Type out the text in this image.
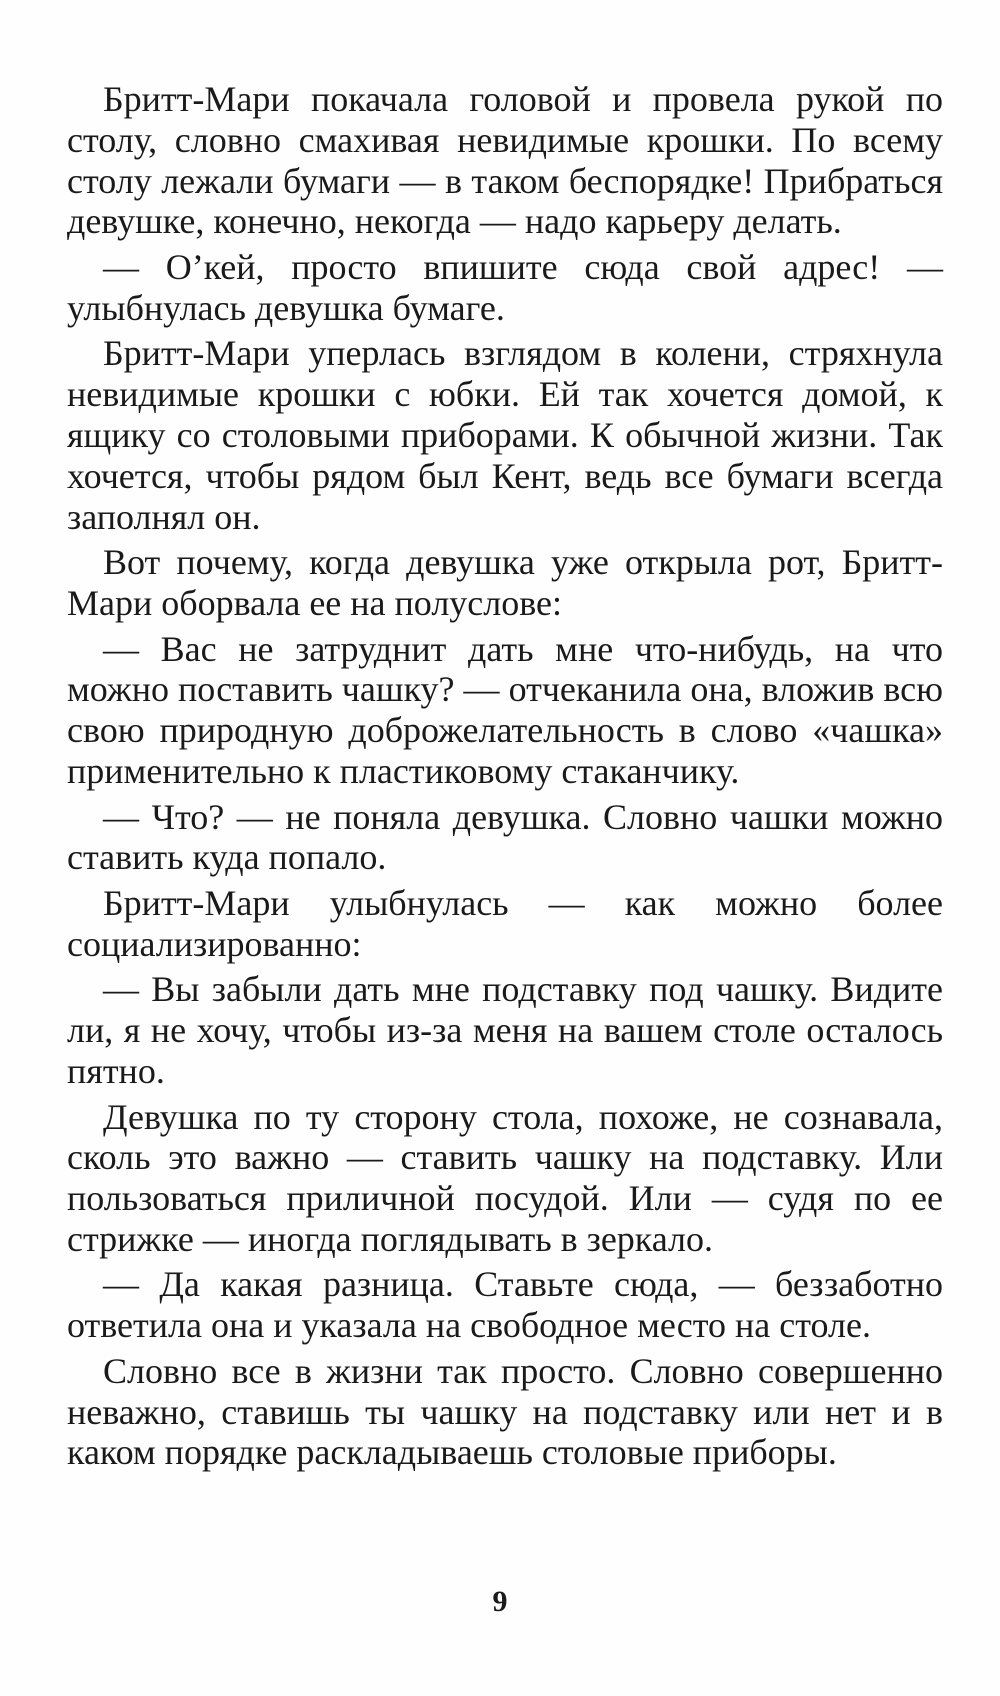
Бритт-Мари покачала головой и провела рукой по столу, словно смахивая невидимые крошки. По всему столу лежали бумаги — в таком беспорядке! Прибраться девушке, конечно, некогда — надо карьеру делать.

— О’кей, просто впишите сюда свой адрес! — улыбнулась девушка бумаге.

Бритт-Мари уперлась взглядом в колени, стряхнула невидимые крошки с юбки. Ей так хочется домой, к ящику со столовыми приборами. К обычной жизни. Так хочется, чтобы рядом был Кент, ведь все бумаги всегда заполнял он.

Вот почему, когда девушка уже открыла рот, Бритт-Мари оборвала ее на полуслове:

— Вас не затруднит дать мне что-нибудь, на что можно поставить чашку? — отчеканила она, вложив всю свою природную доброжелательность в слово «чашка» применительно к пластиковому стаканчику.

— Что? — не поняла девушка. Словно чашки можно ставить куда попало.

Бритт-Мари улыбнулась — как можно более социализированно:

— Вы забыли дать мне подставку под чашку. Видите ли, я не хочу, чтобы из-за меня на вашем столе осталось пятно.

Девушка по ту сторону стола, похоже, не сознавала, сколь это важно — ставить чашку на подставку. Или пользоваться приличной посудой. Или — судя по ее стрижке — иногда поглядывать в зеркало.

— Да какая разница. Ставьте сюда, — беззаботно ответила она и указала на свободное место на столе.

Словно все в жизни так просто. Словно совершенно неважно, ставишь ты чашку на подставку или нет и в каком порядке раскладываешь столовые приборы.

9
